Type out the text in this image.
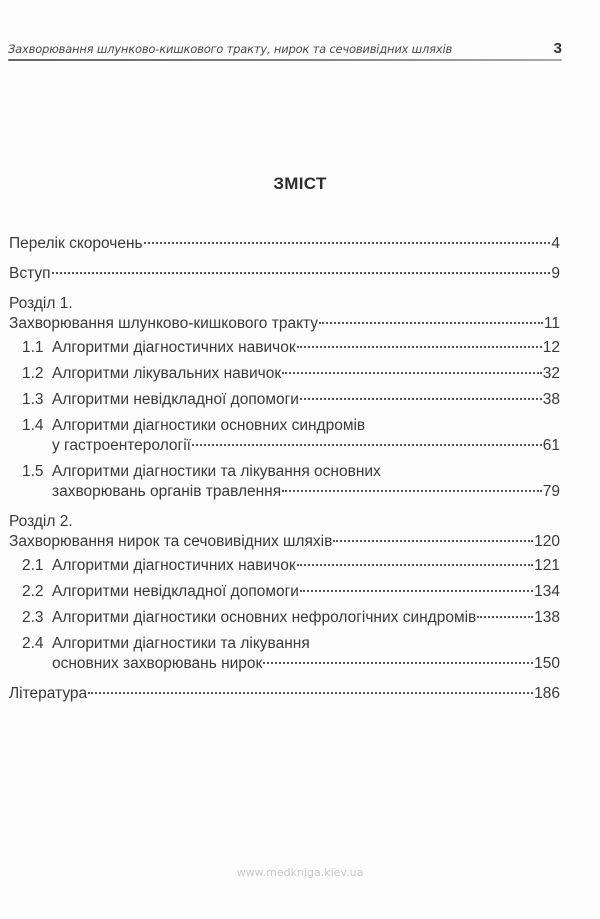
Захворювання шлунково-кишкового тракту, нирок та сечовивідних шляхів	3
ЗМІСТ
Перелік скорочень	4
Вступ	9
Розділ 1.
Захворювання шлунково-кишкового тракту	11
1.1 Алгоритми діагностичних навичок	12
1.2 Алгоритми лікувальних навичок	32
1.3 Алгоритми невідкладної допомоги	38
1.4 Алгоритми діагностики основних синдромів
у гастроентерології	61
1.5 Алгоритми діагностики та лікування основних
захворювань органів травлення	79
Розділ 2.
Захворювання нирок та сечовивідних шляхів	120
2.1 Алгоритми діагностичних навичок	121
2.2 Алгоритми невідкладної допомоги	134
2.3 Алгоритми діагностики основних нефрологічних синдромів	138
2.4 Алгоритми діагностики та лікування
основних захворювань нирок	150
Література	186
www.medkniga.kiev.ua
